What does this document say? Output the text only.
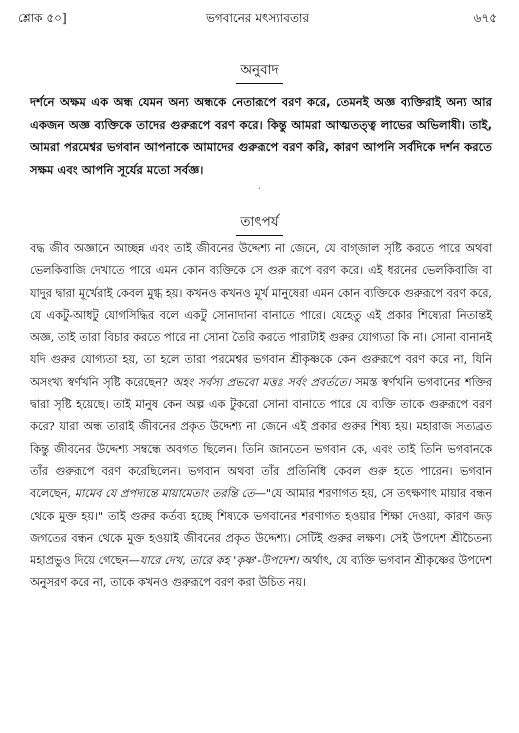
শ্লোক ৫০]	ভগবানের মৎস্যাবতার	৬৭৫
অনুবাদ
দর্শনে অক্ষম এক অন্ধ যেমন অন্য অন্ধকে নেতারূপে বরণ করে, তেমনই অজ্ঞ ব্যক্তিরাই অন্য আর একজন অজ্ঞ ব্যক্তিকে তাদের গুরুরূপে বরণ করে। কিন্তু আমরা আত্মতত্ত্ব লাভের অভিলাষী। তাই, আমরা পরমেশ্বর ভগবান আপনাকে আমাদের গুরুরূপে বরণ করি, কারণ আপনি সর্বদিকে দর্শন করতে সক্ষম এবং আপনি সূর্যের মতো সর্বজ্ঞ।
·
তাৎপর্য
বদ্ধ জীব অজ্ঞানে আচ্ছন্ন এবং তাই জীবনের উদ্দেশ্য না জেনে, যে বাগ্‌জাল সৃষ্টি করতে পারে অথবা ভেলকিবাজি দেখাতে পারে এমন কোন ব্যক্তিকে সে গুরু রূপে বরণ করে। এই ধরনের ভেলকিবাজি বা যাদুর দ্বারা মূর্খেরাই কেবল মুগ্ধ হয়। কখনও কখনও মূর্খ মানুষেরা এমন কোন ব্যক্তিকে গুরুরূপে বরণ করে, যে একটু-আধটু যোগসিদ্ধির বলে একটু সোনাদানা বানাতে পারে। যেহেতু এই প্রকার শিষ্যেরা নিতান্তই অজ্ঞ, তাই তারা বিচার করতে পারে না সোনা তৈরি করতে পারাটাই গুরুর যোগ্যতা কি না। সোনা বানানই যদি গুরুর যোগ্যতা হয়, তা হলে তারা পরমেশ্বর ভগবান শ্রীকৃষ্ণকে কেন গুরুরূপে বরণ করে না, যিনি অসংখ্য স্বর্ণখনি সৃষ্টি করেছেন? অহং সর্বস্য প্রভবো মত্তঃ সর্বং প্রবর্ততে। সমস্ত স্বর্ণখনি ভগবানের শক্তির দ্বারা সৃষ্টি হয়েছে। তাই মানুষ কেন অল্প এক টুকরো সোনা বানাতে পারে যে ব্যক্তি তাকে গুরুরূপে বরণ করে? যারা অন্ধ তারাই জীবনের প্রকৃত উদ্দেশ্য না জেনে এই প্রকার গুরুর শিষ্য হয়। মহারাজ সত্যব্রত কিন্তু জীবনের উদ্দেশ্য সম্বন্ধে অবগত ছিলেন। তিনি জানতেন ভগবান কে, এবং তাই তিনি ভগবানকে তাঁর গুরুরূপে বরণ করেছিলেন। ভগবান অথবা তাঁর প্রতিনিধি কেবল গুরু হতে পারেন। ভগবান বলেছেন, মামেব যে প্রপদ্যন্তে মায়ামেতাং তরন্তি তে—"যে আমার শরণাগত হয়, সে তৎক্ষণাৎ মায়ার বন্ধন থেকে মুক্ত হয়।" তাই গুরুর কর্তব্য হচ্ছে শিষ্যকে ভগবানের শরণাগত হওয়ার শিক্ষা দেওয়া, কারণ জড় জগতের বন্ধন থেকে মুক্ত হওয়াই জীবনের প্রকৃত উদ্দেশ্য। সেটিই গুরুর লক্ষণ। সেই উপদেশ শ্রীচৈতন্য মহাপ্রভুও দিয়ে গেছেন—যারে দেখ, তারে কহ 'কৃষ্ণ'-উপদেশ। অর্থাৎ, যে ব্যক্তি ভগবান শ্রীকৃষ্ণের উপদেশ অনুসরণ করে না, তাকে কখনও গুরুরূপে বরণ করা উচিত নয়।
